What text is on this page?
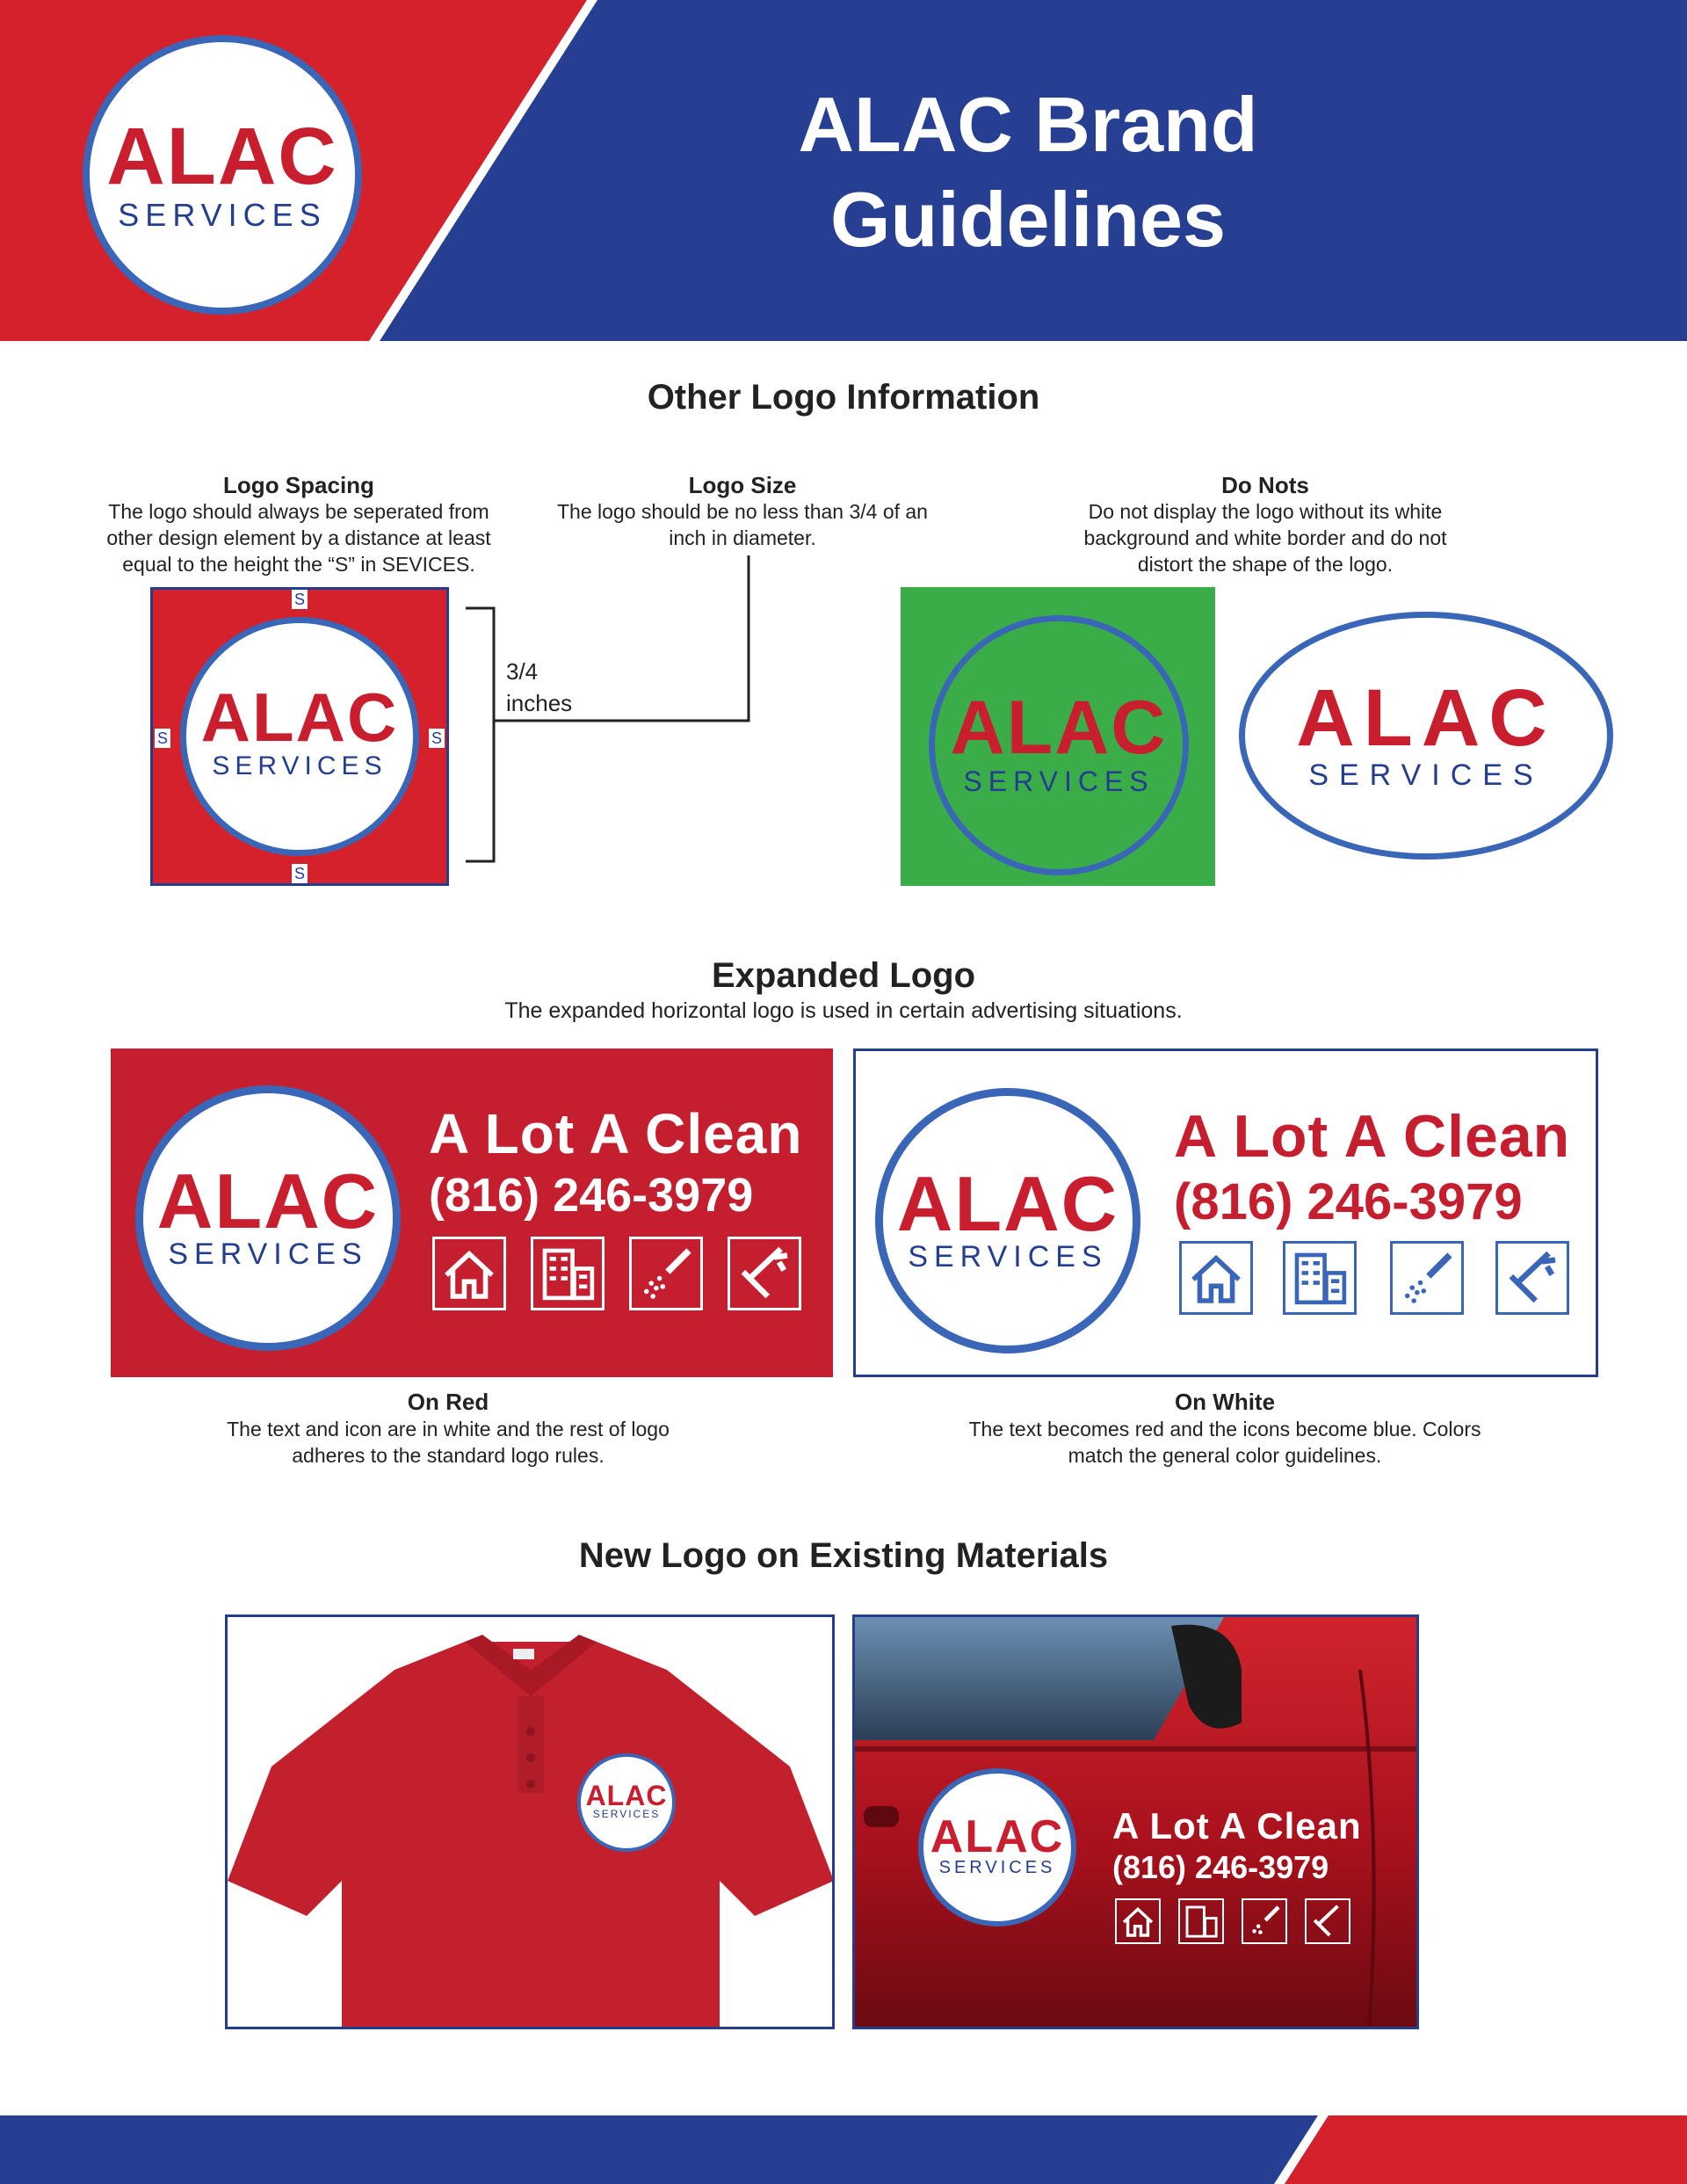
ALAC
SERVICES
ALAC Brand Guidelines
Other Logo Information
Logo Spacing
The logo should always be seperated from other design element by a distance at least equal to the height the “S” in SEVICES.
ALAC
SERVICES
S
S
S	S
3/4
inches
Logo Size
The logo should be no less than 3/4 of an inch in diameter.
Do Nots
Do not display the logo without its white background and white border and do not distort the shape of the logo.
ALAC
SERVICES
ALAC
SERVICES
Expanded Logo
The expanded horizontal logo is used in certain advertising situations.
ALAC
SERVICES
A Lot A Clean
(816) 246-3979 ALAC
SERVICES
A Lot A Clean
(816) 246-3979
On Red
The text and icon are in white and the rest of logo adheres to the standard logo rules.
On White
The text becomes red and the icons become blue. Colors match the general color guidelines.
New Logo on Existing Materials
ALAC
SERVICES	ALAC
SERVICES
A Lot A Clean
(816) 246-3979
